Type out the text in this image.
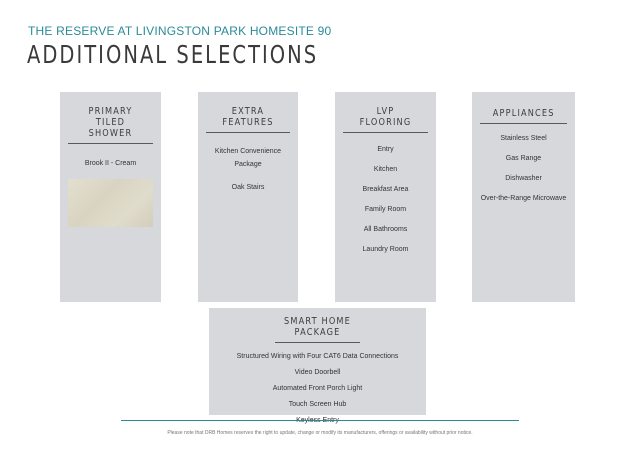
THE RESERVE AT LIVINGSTON PARK HOMESITE 90
ADDITIONAL SELECTIONS
PRIMARY TILED SHOWER
Brook II - Cream
EXTRA FEATURES
Kitchen Convenience
Package
Oak Stairs
LVP FLOORING
Entry
Kitchen
Breakfast Area
Family Room
All Bathrooms
Laundry Room
APPLIANCES
Stainless Steel
Gas Range
Dishwasher
Over-the-Range Microwave
SMART HOME PACKAGE
Structured Wiring with Four CAT6 Data Connections
Video Doorbell
Automated Front Porch Light
Touch Screen Hub
Please note that DRB Homes reserves the right to update, change or modify its manufacturers, offerings or availability without prior notice.
